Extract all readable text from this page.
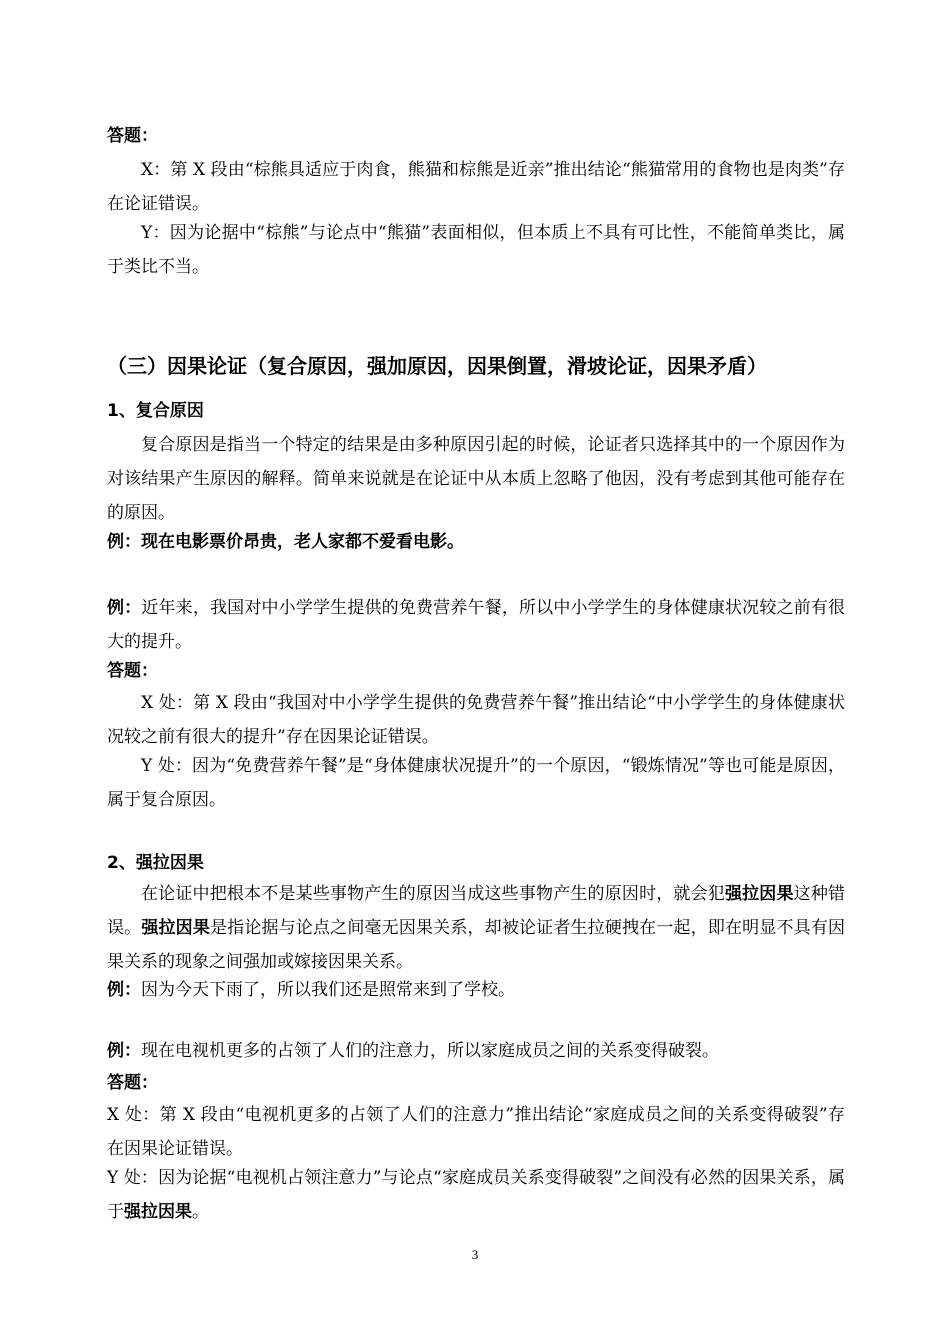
答题：
X：第 X 段由“棕熊具适应于肉食，熊猫和棕熊是近亲”推出结论“熊猫常用的食物也是肉类”存在论证错误。
Y：因为论据中“棕熊”与论点中“熊猫”表面相似，但本质上不具有可比性，不能简单类比，属于类比不当。
（三）因果论证（复合原因，强加原因，因果倒置，滑坡论证，因果矛盾）
1、复合原因
复合原因是指当一个特定的结果是由多种原因引起的时候，论证者只选择其中的一个原因作为对该结果产生原因的解释。简单来说就是在论证中从本质上忽略了他因，没有考虑到其他可能存在的原因。
例：现在电影票价昂贵，老人家都不爱看电影。
例：近年来，我国对中小学学生提供的免费营养午餐，所以中小学学生的身体健康状况较之前有很大的提升。
答题：
X 处：第 X 段由“我国对中小学学生提供的免费营养午餐”推出结论“中小学学生的身体健康状况较之前有很大的提升”存在因果论证错误。
Y 处：因为“免费营养午餐”是“身体健康状况提升”的一个原因，“锻炼情况”等也可能是原因，属于复合原因。
2、强拉因果
在论证中把根本不是某些事物产生的原因当成这些事物产生的原因时，就会犯强拉因果这种错误。强拉因果是指论据与论点之间毫无因果关系，却被论证者生拉硬拽在一起，即在明显不具有因果关系的现象之间强加或嫁接因果关系。
例：因为今天下雨了，所以我们还是照常来到了学校。
例：现在电视机更多的占领了人们的注意力，所以家庭成员之间的关系变得破裂。
答题：
X 处：第 X 段由“电视机更多的占领了人们的注意力”推出结论“家庭成员之间的关系变得破裂”存在因果论证错误。
Y 处：因为论据“电视机占领注意力”与论点“家庭成员关系变得破裂”之间没有必然的因果关系，属于强拉因果。
3
